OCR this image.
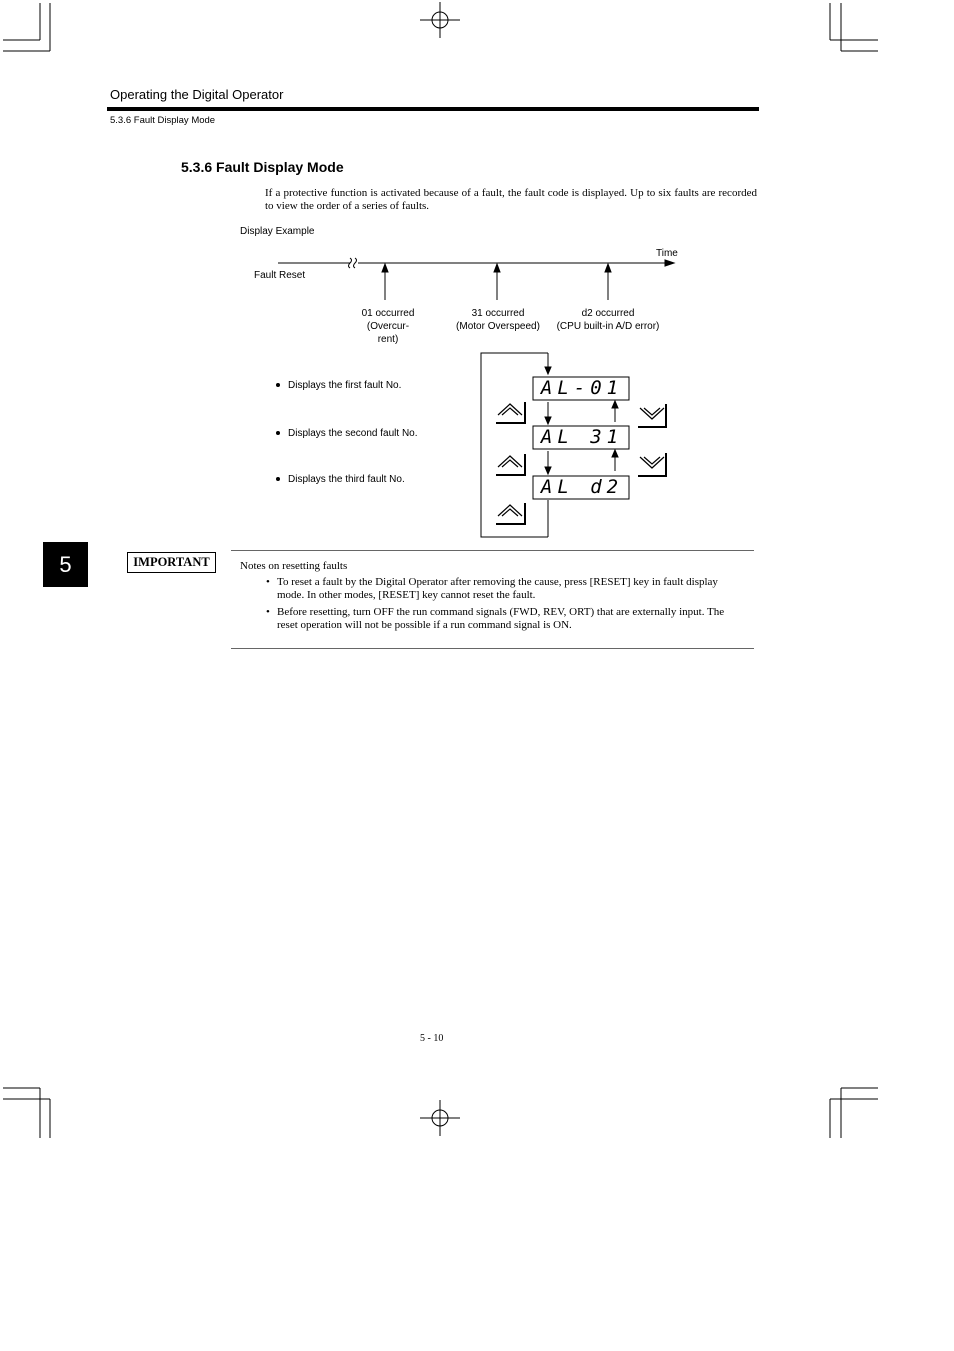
Operating the Digital Operator
5.3.6 Fault Display Mode
5.3.6 Fault Display Mode
If a protective function is activated because of a fault, the fault code is displayed. Up to six faults are recorded to view the order of a series of faults.
Display Example
Time
Fault Reset
01 occurred
(Overcur-
rent)
31 occurred
(Motor Overspeed)
d2 occurred
(CPU built-in A/D error)
Displays the first fault No.
Displays the second fault No.
Displays the third fault No.
AL-01
AL 31
AL d2
5	IMPORTANT	Notes on resetting faults
• To reset a fault by the Digital Operator after removing the cause, press [RESET] key in fault display mode. In other modes, [RESET] key cannot reset the fault.
• Before resetting, turn OFF the run command signals (FWD, REV, ORT) that are externally input. The reset operation will not be possible if a run command signal is ON.
5 - 10
